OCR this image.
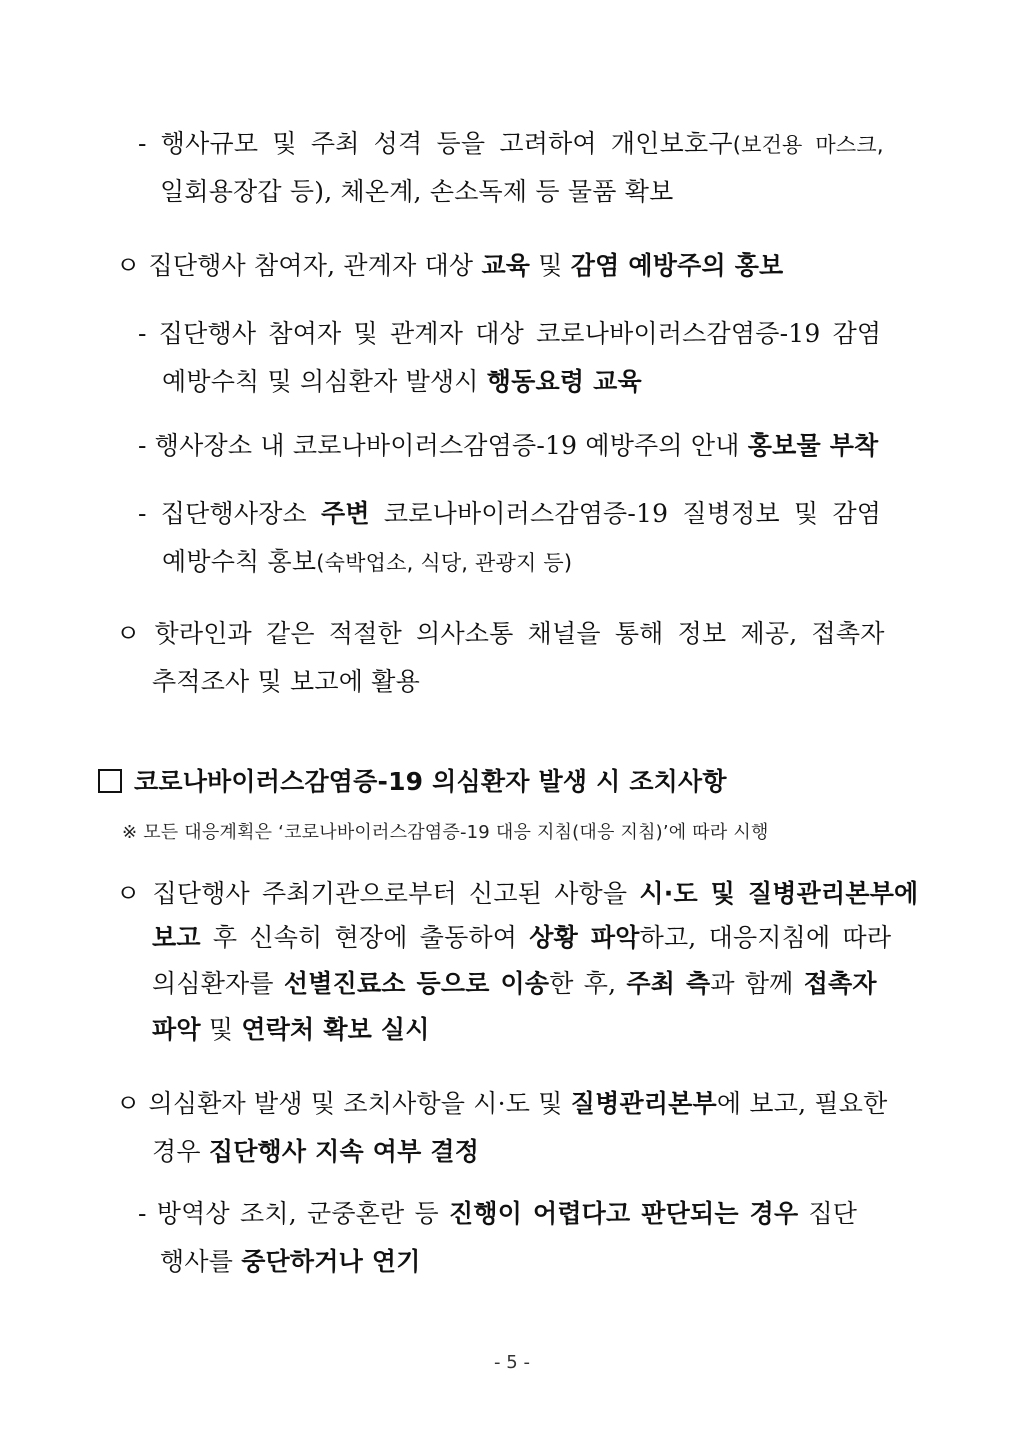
- 행사규모 및 주최 성격 등을 고려하여 개인보호구(보건용 마스크,
일회용장갑 등), 체온계, 손소독제 등 물품 확보
ㅇ 집단행사 참여자, 관계자 대상 교육 및 감염 예방주의 홍보
- 집단행사 참여자 및 관계자 대상 코로나바이러스감염증-19 감염
예방수칙 및 의심환자 발생시 행동요령 교육
- 행사장소 내 코로나바이러스감염증-19 예방주의 안내 홍보물 부착
- 집단행사장소 주변 코로나바이러스감염증-19 질병정보 및 감염
예방수칙 홍보(숙박업소, 식당, 관광지 등)
ㅇ 핫라인과 같은 적절한 의사소통 채널을 통해 정보 제공, 접촉자
추적조사 및 보고에 활용
코로나바이러스감염증-19 의심환자 발생 시 조치사항
※ 모든 대응계획은 ‘코로나바이러스감염증-19 대응 지침(대응 지침)’에 따라 시행
ㅇ 집단행사 주최기관으로부터 신고된 사항을 시·도 및 질병관리본부에
보고 후 신속히 현장에 출동하여 상황 파악하고, 대응지침에 따라
의심환자를 선별진료소 등으로 이송한 후, 주최 측과 함께 접촉자
파악 및 연락처 확보 실시
ㅇ 의심환자 발생 및 조치사항을 시·도 및 질병관리본부에 보고, 필요한
경우 집단행사 지속 여부 결정
- 방역상 조치, 군중혼란 등 진행이 어렵다고 판단되는 경우 집단
행사를 중단하거나 연기
- 5 -
